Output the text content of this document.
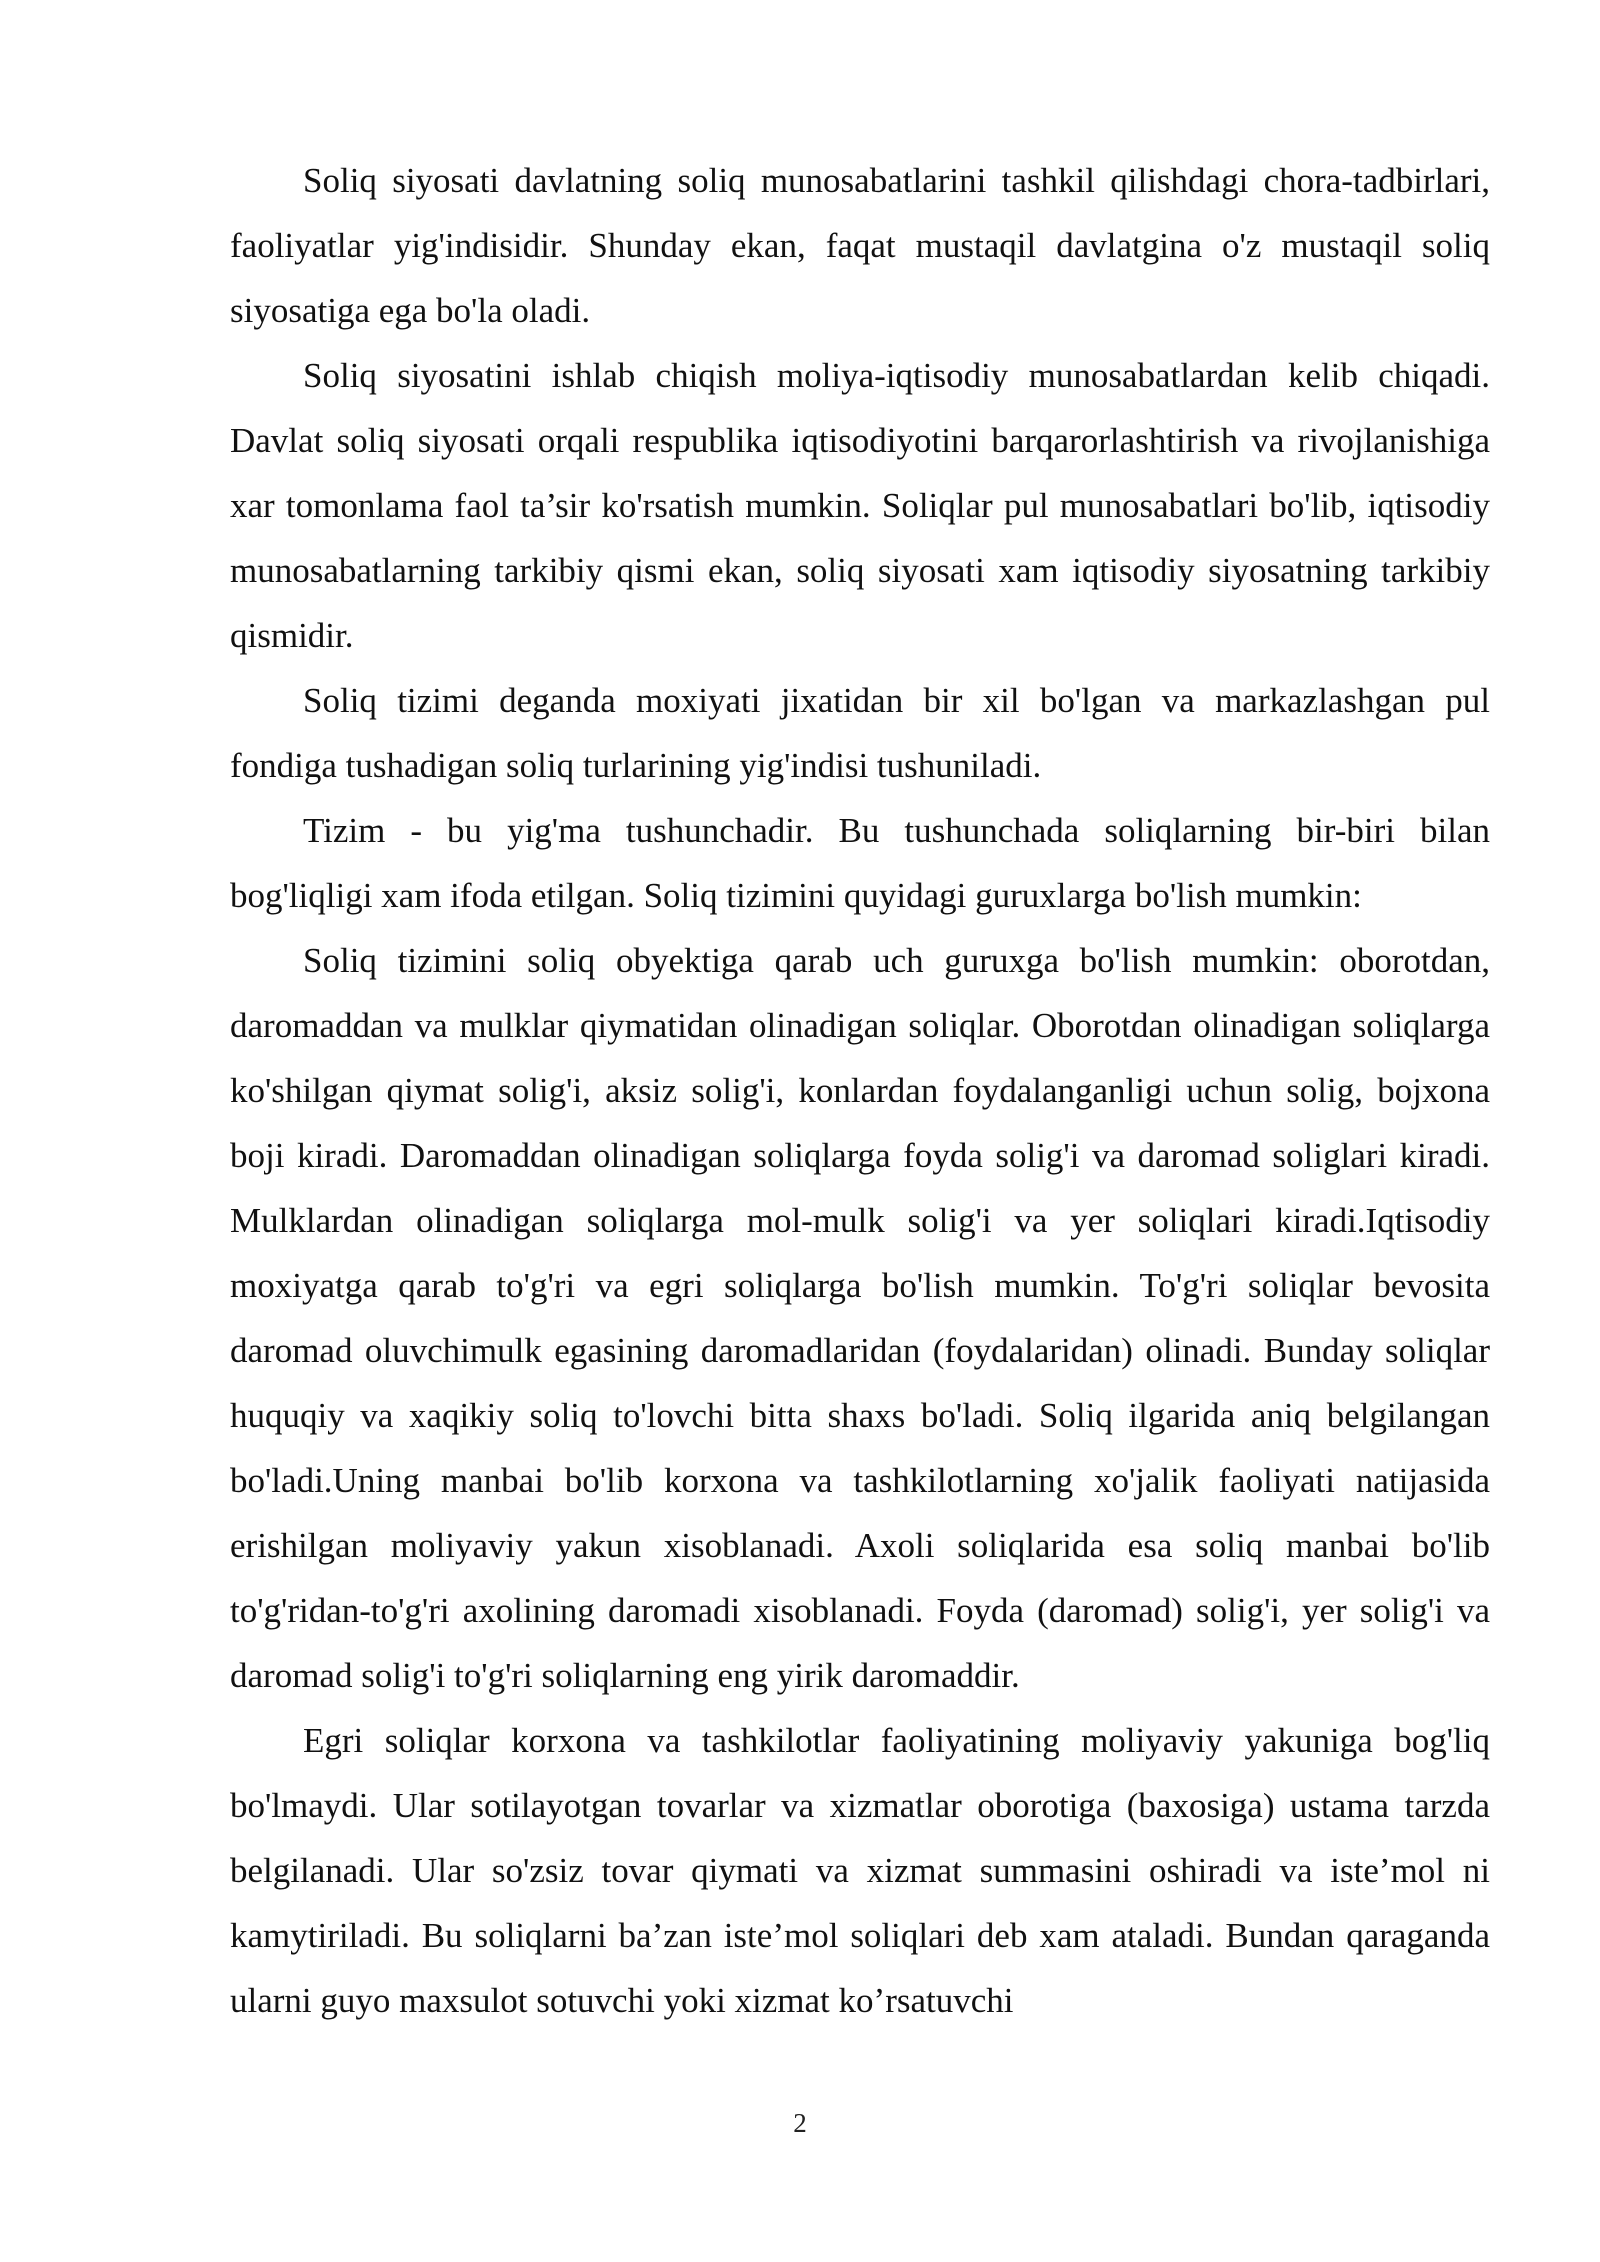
Soliq siyosati davlatning soliq munosabatlarini tashkil qilishdagi chora-tadbirlari, faoliyatlar yig'indisidir. Shunday ekan, faqat mustaqil davlatgina o'z mustaqil soliq siyosatiga ega bo'la oladi.

Soliq siyosatini ishlab chiqish moliya-iqtisodiy munosabatlardan kelib chiqadi. Davlat soliq siyosati orqali respublika iqtisodiyotini barqarorlashtirish va rivojlanishiga xar tomonlama faol ta’sir ko'rsatish mumkin. Soliqlar pul munosabatlari bo'lib, iqtisodiy munosabatlarning tarkibiy qismi ekan, soliq siyosati xam iqtisodiy siyosatning tarkibiy qismidir.

Soliq tizimi deganda moxiyati jixatidan bir xil bo'lgan va markazlashgan pul fondiga tushadigan soliq turlarining yig'indisi tushuniladi.

Tizim - bu yig'ma tushunchadir. Bu tushunchada soliqlarning bir-biri bilan bog'liqligi xam ifoda etilgan. Soliq tizimini quyidagi guruxlarga bo'lish mumkin:

Soliq tizimini soliq obyektiga qarab uch guruxga bo'lish mumkin: oborotdan, daromaddan va mulklar qiymatidan olinadigan soliqlar. Oborotdan olinadigan soliqlarga ko'shilgan qiymat solig'i, aksiz solig'i, konlardan foydalanganligi uchun solig, bojxona boji kiradi. Daromaddan olinadigan soliqlarga foyda solig'i va daromad soliglari kiradi. Mulklardan olinadigan soliqlarga mol-mulk solig'i va yer soliqlari kiradi.Iqtisodiy moxiyatga qarab to'g'ri va egri soliqlarga bo'lish mumkin. To'g'ri soliqlar bevosita daromad oluvchimulk egasining daromadlaridan (foydalaridan) olinadi. Bunday soliqlar huquqiy va xaqikiy soliq to'lovchi bitta shaxs bo'ladi. Soliq ilgarida aniq belgilangan bo'ladi.Uning manbai bo'lib korxona va tashkilotlarning xo'jalik faoliyati natijasida erishilgan moliyaviy yakun xisoblanadi. Axoli soliqlarida esa soliq manbai bo'lib to'g'ridan-to'g'ri axolining daromadi xisoblanadi. Foyda (daromad) solig'i, yer solig'i va daromad solig'i to'g'ri soliqlarning eng yirik daromaddir.

Egri soliqlar korxona va tashkilotlar faoliyatining moliyaviy yakuniga bog'liq bo'lmaydi. Ular sotilayotgan tovarlar va xizmatlar oborotiga (baxosiga) ustama tarzda belgilanadi. Ular so'zsiz tovar qiymati va xizmat summasini oshiradi va iste’mol ni kamytiriladi. Bu soliqlarni ba’zan iste’mol soliqlari deb xam ataladi. Bundan qaraganda ularni guyo maxsulot sotuvchi yoki xizmat ko’rsatuvchi

2
